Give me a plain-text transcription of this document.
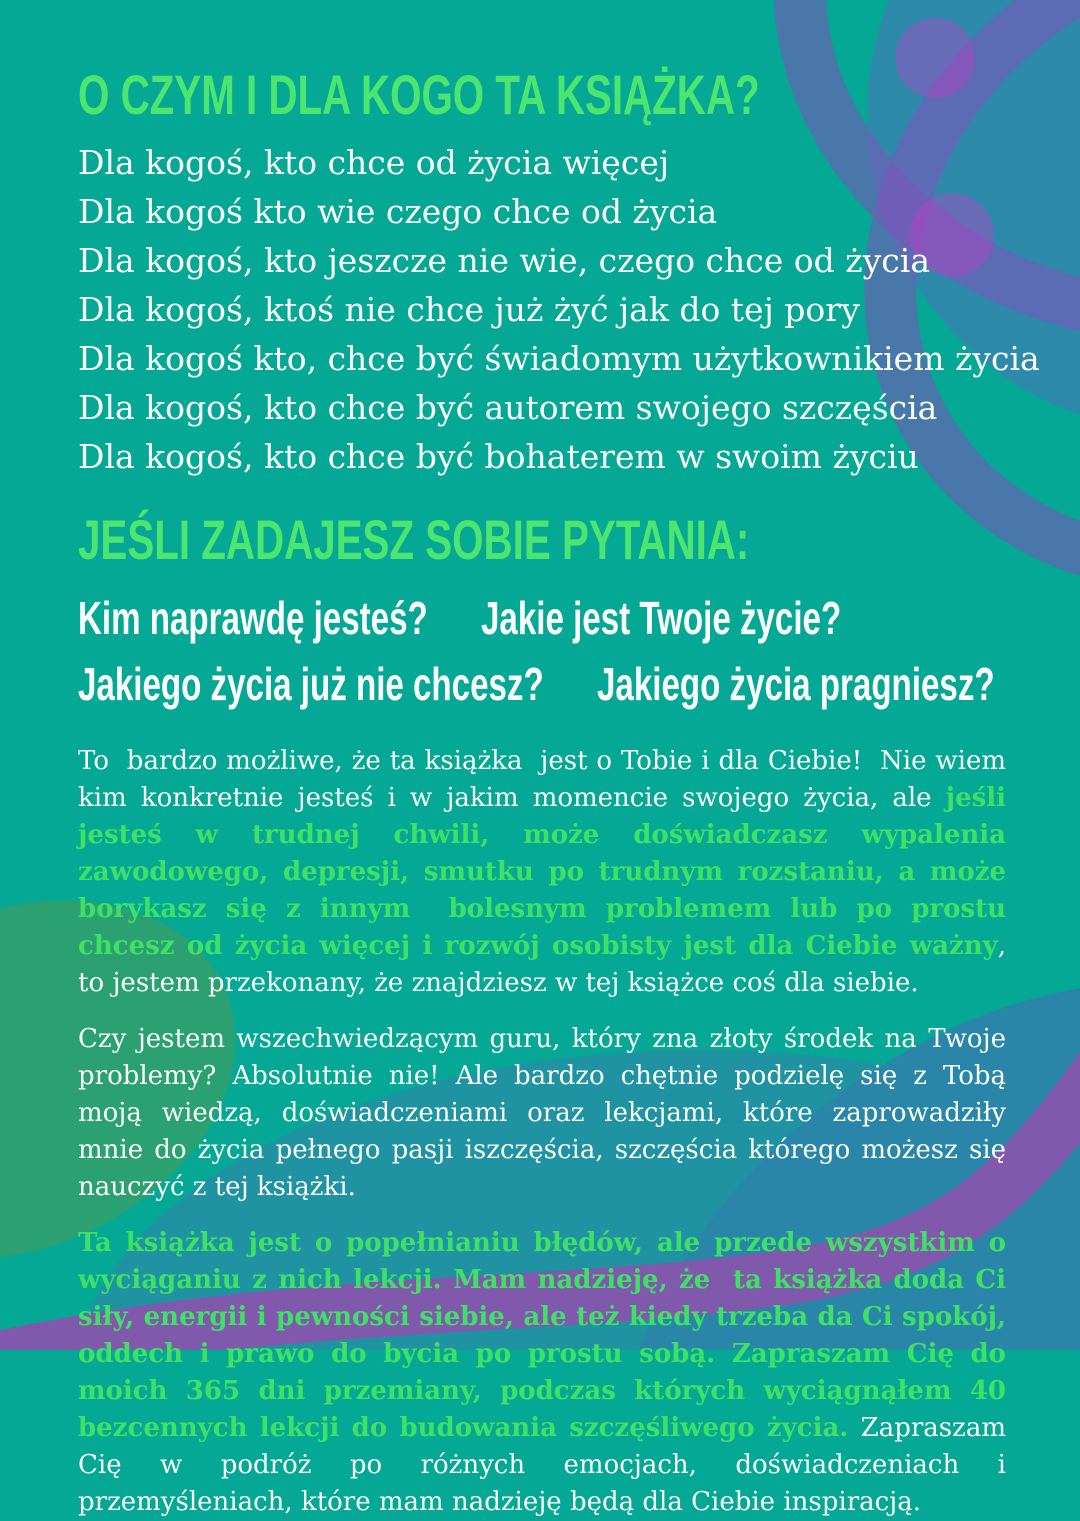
O CZYM I DLA KOGO TA KSIĄŻKA?
Dla kogoś, kto chce od życia więcej
Dla kogoś kto wie czego chce od życia
Dla kogoś, kto jeszcze nie wie, czego chce od życia
Dla kogoś, ktoś nie chce już żyć jak do tej pory
Dla kogoś kto, chce być świadomym użytkownikiem życia
Dla kogoś, kto chce być autorem swojego szczęścia
Dla kogoś, kto chce być bohaterem w swoim życiu
JEŚLI ZADAJESZ SOBIE PYTANIA:
Kim naprawdę jesteś? Jakie jest Twoje życie?
Jakiego życia już nie chcesz? Jakiego życia pragniesz?

To  bardzo możliwe, że ta książka  jest o Tobie i dla Ciebie!  Nie wiem kim konkretnie jesteś i w jakim momencie swojego życia, ale jeśli jesteś w trudnej chwili, może doświadczasz wypalenia zawodowego, depresji, smutku po trudnym rozstaniu, a może borykasz się z innym  bolesnym problemem lub po prostu chcesz od życia więcej i rozwój osobisty jest dla Ciebie ważny, to jestem przekonany, że znajdziesz w tej książce coś dla siebie.

Czy jestem wszechwiedzącym guru, który zna złoty środek na Twoje problemy? Absolutnie nie! Ale bardzo chętnie podzielę się z Tobą moją wiedzą, doświadczeniami oraz lekcjami, które zaprowadziły mnie do życia pełnego pasji iszczęścia, szczęścia którego możesz się nauczyć z tej książki.

Ta książka jest o popełnianiu błędów, ale przede wszystkim o wyciąganiu z nich lekcji. Mam nadzieję, że  ta książka doda Ci siły, energii i pewności siebie, ale też kiedy trzeba da Ci spokój, oddech i prawo do bycia po prostu sobą. Zapraszam Cię do moich 365 dni przemiany, podczas których wyciągnąłem 40 bezcennych lekcji do budowania szczęśliwego życia. Zapraszam Cię w podróż po różnych emocjach, doświadczeniach i przemyśleniach, które mam nadzieję będą dla Ciebie inspiracją.
